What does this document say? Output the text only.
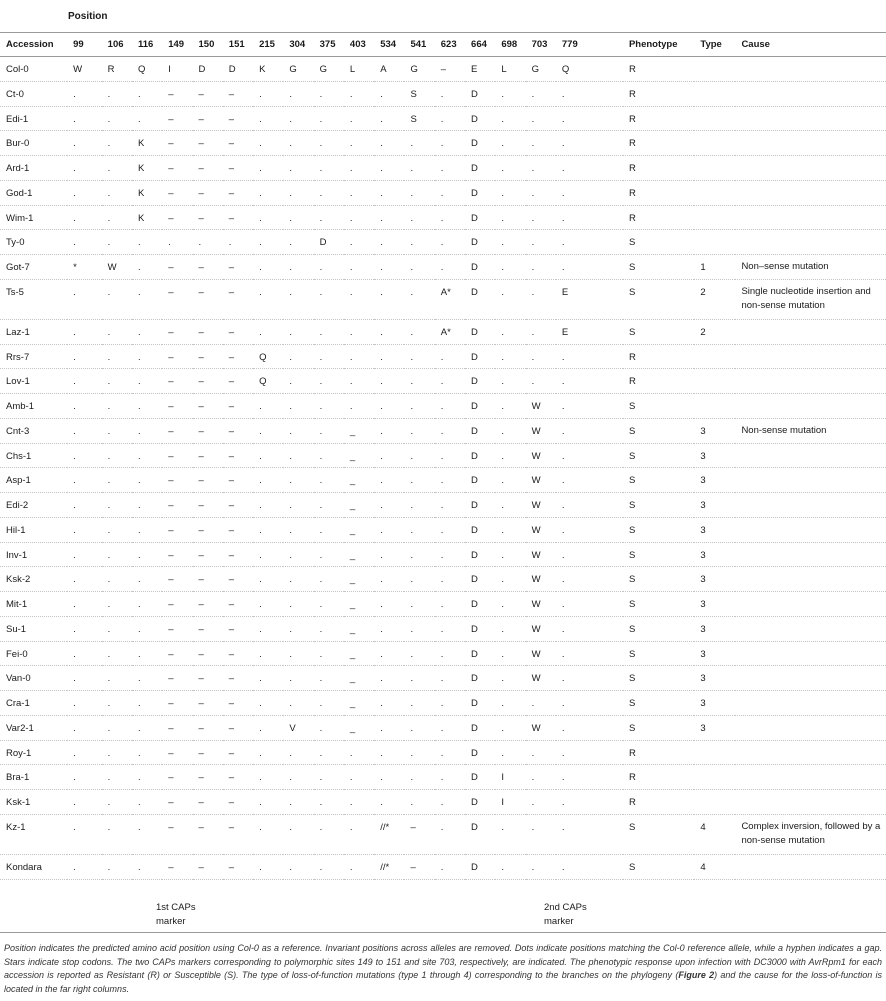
Position
Accession	99	106	116	149	150	151	215	304	375	403	534	541	623	664	698	703	779	Phenotype	Type	Cause
Col-0	W	R	Q	I	D	D	K	G	G	L	A	G	–	E	L	G	Q	R		
Ct-0	.	.	.	–	–	–	.	.	.	.	.	S	.	D	.	.	.	R		
Edi-1	.	.	.	–	–	–	.	.	.	.	.	S	.	D	.	.	.	R		
Bur-0	.	.	K	–	–	–	.	.	.	.	.	.	.	D	.	.	.	R		
Ard-1	.	.	K	–	–	–	.	.	.	.	.	.	.	D	.	.	.	R		
God-1	.	.	K	–	–	–	.	.	.	.	.	.	.	D	.	.	.	R		
Wim-1	.	.	K	–	–	–	.	.	.	.	.	.	.	D	.	.	.	R		
Ty-0	.	.	.	.	.	.	.	.	D	.	.	.	.	D	.	.	.	S		
Got-7	*	W	.	–	–	–	.	.	.	.	.	.	.	D	.	.	.	S	1	Non–sense mutation
Ts-5	.	.	.	–	–	–	.	.	.	.	.	.	A*	D	.	.	E	S	2	Single nucleotide insertion and non-sense mutation
Laz-1	.	.	.	–	–	–	.	.	.	.	.	.	A*	D	.	.	E	S	2	
Rrs-7	.	.	.	–	–	–	Q	.	.	.	.	.	.	D	.	.	.	R		
Lov-1	.	.	.	–	–	–	Q	.	.	.	.	.	.	D	.	.	.	R		
Amb-1	.	.	.	–	–	–	.	.	.	.	.	.	.	D	.	W	.	S		
Cnt-3	.	.	.	–	–	–	.	.	.	_	.	.	.	D	.	W	.	S	3	Non-sense mutation
Chs-1	.	.	.	–	–	–	.	.	.	_	.	.	.	D	.	W	.	S	3	
Asp-1	.	.	.	–	–	–	.	.	.	_	.	.	.	D	.	W	.	S	3	
Edi-2	.	.	.	–	–	–	.	.	.	_	.	.	.	D	.	W	.	S	3	
Hil-1	.	.	.	–	–	–	.	.	.	_	.	.	.	D	.	W	.	S	3	
Inv-1	.	.	.	–	–	–	.	.	.	_	.	.	.	D	.	W	.	S	3	
Ksk-2	.	.	.	–	–	–	.	.	.	_	.	.	.	D	.	W	.	S	3	
Mit-1	.	.	.	–	–	–	.	.	.	_	.	.	.	D	.	W	.	S	3	
Su-1	.	.	.	–	–	–	.	.	.	_	.	.	.	D	.	W	.	S	3	
Fei-0	.	.	.	–	–	–	.	.	.	_	.	.	.	D	.	W	.	S	3	
Van-0	.	.	.	–	–	–	.	.	.	_	.	.	.	D	.	W	.	S	3	
Cra-1	.	.	.	–	–	–	.	.	.	_	.	.	.	D	.	.	.	S	3	
Var2-1	.	.	.	–	–	–	.	V	.	_	.	.	.	D	.	W	.	S	3	
Roy-1	.	.	.	–	–	–	.	.	.	.	.	.	.	D	.	.	.	R		
Bra-1	.	.	.	–	–	–	.	.	.	.	.	.	.	D	I	.	.	R		
Ksk-1	.	.	.	–	–	–	.	.	.	.	.	.	.	D	I	.	.	R		
Kz-1	.	.	.	–	–	–	.	.	.	.	//*	–	.	D	.	.	.	S	4	Complex inversion, followed by a non-sense mutation
Kondara	.	.	.	–	–	–	.	.	.	.	//*	–	.	D	.	.	.	S	4	
1st CAPs marker
2nd CAPs marker
Position indicates the predicted amino acid position using Col-0 as a reference. Invariant positions across alleles are removed. Dots indicate positions matching the Col-0 reference allele, while a hyphen indicates a gap. Stars indicate stop codons. The two CAPs markers corresponding to polymorphic sites 149 to 151 and site 703, respectively, are indicated. The phenotypic response upon infection with DC3000 with AvrRpm1 for each accession is reported as Resistant (R) or Susceptible (S). The type of loss-of-function mutations (type 1 through 4) corresponding to the branches on the phylogeny (Figure 2) and the cause for the loss-of-function is located in the far right columns.
